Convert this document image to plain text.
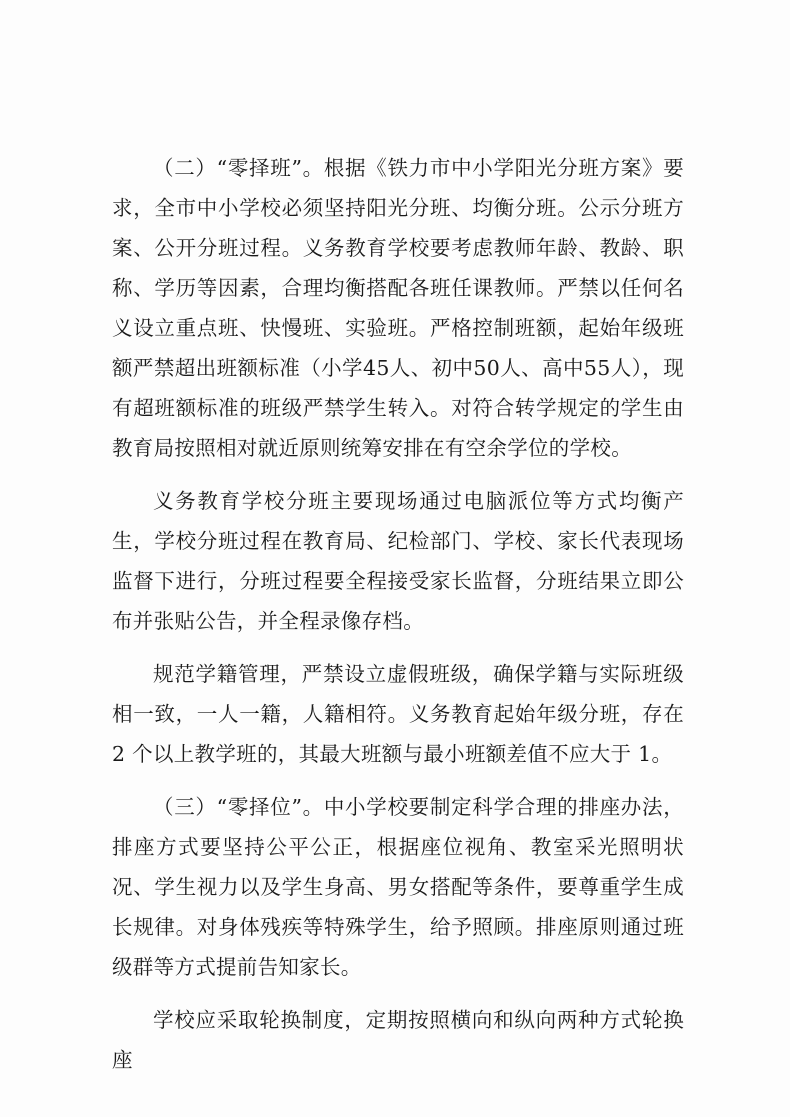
（二）“零择班”。根据《铁力市中小学阳光分班方案》要求，全市中小学校必须坚持阳光分班、均衡分班。公示分班方案、公开分班过程。义务教育学校要考虑教师年龄、教龄、职称、学历等因素，合理均衡搭配各班任课教师。严禁以任何名义设立重点班、快慢班、实验班。严格控制班额，起始年级班额严禁超出班额标准（小学45人、初中50人、高中55人），现有超班额标准的班级严禁学生转入。对符合转学规定的学生由教育局按照相对就近原则统筹安排在有空余学位的学校。

义务教育学校分班主要现场通过电脑派位等方式均衡产生，学校分班过程在教育局、纪检部门、学校、家长代表现场监督下进行，分班过程要全程接受家长监督，分班结果立即公布并张贴公告，并全程录像存档。

规范学籍管理，严禁设立虚假班级，确保学籍与实际班级相一致，一人一籍，人籍相符。义务教育起始年级分班，存在 2 个以上教学班的，其最大班额与最小班额差值不应大于 1。

（三）“零择位”。中小学校要制定科学合理的排座办法，排座方式要坚持公平公正，根据座位视角、教室采光照明状况、学生视力以及学生身高、男女搭配等条件，要尊重学生成长规律。对身体残疾等特殊学生，给予照顾。排座原则通过班级群等方式提前告知家长。

学校应采取轮换制度，定期按照横向和纵向两种方式轮换座
